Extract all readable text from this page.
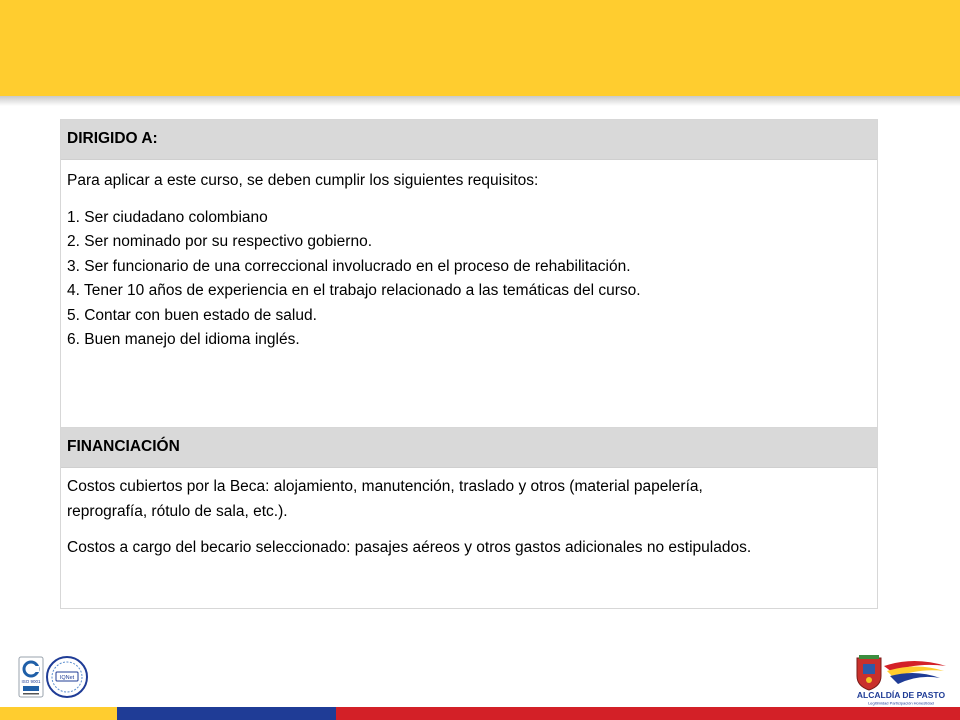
DIRIGIDO A:
Para aplicar a este curso, se deben cumplir los siguientes requisitos:
1. Ser ciudadano colombiano
2. Ser nominado por su respectivo gobierno.
3. Ser funcionario de una correccional involucrado en el proceso de rehabilitación.
4. Tener 10 años de experiencia en el trabajo relacionado a las temáticas del curso.
5. Contar con buen estado de salud.
6. Buen manejo del idioma inglés.
FINANCIACIÓN
Costos cubiertos por la Beca: alojamiento, manutención, traslado y otros (material papelería,
reprografía, rótulo de sala, etc.).
Costos a cargo del becario seleccionado: pasajes aéreos y otros gastos adicionales no estipulados.
ISO 9001
IQNet
ALCALDÍA DE PASTO
Legitimidad Participación Honestidad
